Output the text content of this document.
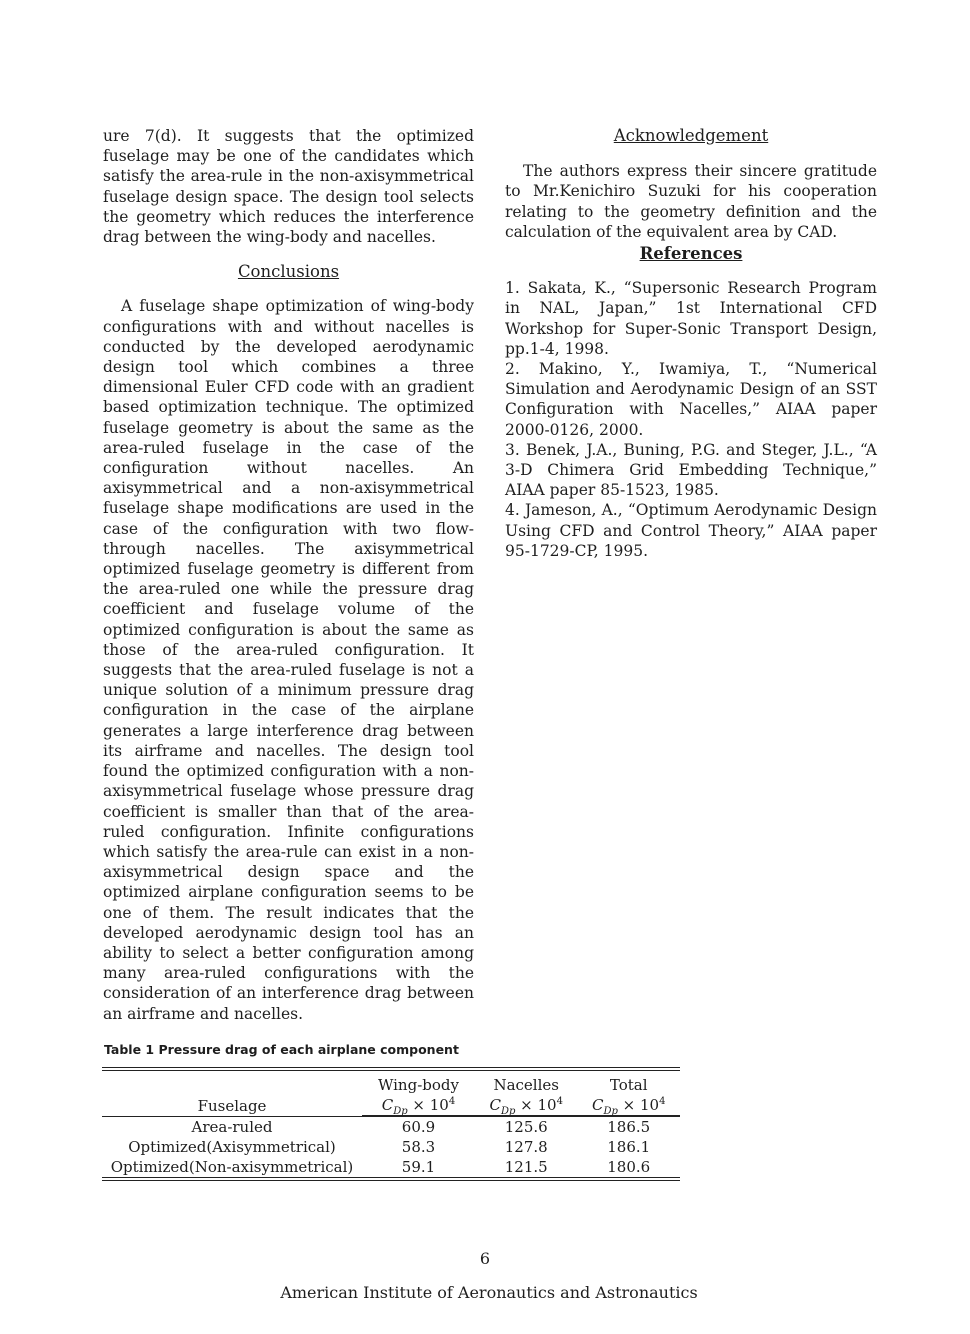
ure 7(d). It suggests that the optimized fuselage may be one of the candidates which satisfy the area-rule in the non-axisymmetrical fuselage design space. The design tool selects the geometry which reduces the interference drag between the wing-body and nacelles.

Conclusions

A fuselage shape optimization of wing-body configurations with and without nacelles is conducted by the developed aerodynamic design tool which combines a three dimensional Euler CFD code with an gradient based optimization technique. The optimized fuselage geometry is about the same as the area-ruled fuselage in the case of the configuration without nacelles. An axisymmetrical and a non-axisymmetrical fuselage shape modifications are used in the case of the configuration with two flow-through nacelles. The axisymmetrical optimized fuselage geometry is different from the area-ruled one while the pressure drag coefficient and fuselage volume of the optimized configuration is about the same as those of the area-ruled configuration. It suggests that the area-ruled fuselage is not a unique solution of a minimum pressure drag configuration in the case of the airplane generates a large interference drag between its airframe and nacelles. The design tool found the optimized configuration with a non-axisymmetrical fuselage whose pressure drag coefficient is smaller than that of the area-ruled configuration. Infinite configurations which satisfy the area-rule can exist in a non-axisymmetrical design space and the optimized airplane configuration seems to be one of them. The result indicates that the developed aerodynamic design tool has an ability to select a better configuration among many area-ruled configurations with the consideration of an interference drag between an airframe and nacelles.

Acknowledgement

The authors express their sincere gratitude to Mr.Kenichiro Suzuki for his cooperation relating to the geometry definition and the calculation of the equivalent area by CAD.

References

1. Sakata, K., “Supersonic Research Program in NAL, Japan,” 1st International CFD Workshop for Super-Sonic Transport Design, pp.1-4, 1998.

2. Makino, Y., Iwamiya, T., “Numerical Simulation and Aerodynamic Design of an SST Configuration with Nacelles,” AIAA paper 2000-0126, 2000.

3. Benek, J.A., Buning, P.G. and Steger, J.L., “A 3-D Chimera Grid Embedding Technique,” AIAA paper 85-1523, 1985.

4. Jameson, A., “Optimum Aerodynamic Design Using CFD and Control Theory,” AIAA paper 95-1729-CP, 1995.

Table 1 Pressure drag of each airplane component
Fuselage	Wing-body	Nacelles	Total
	$C_{Dp} \times 10^4$	$C_{Dp} \times 10^4$	$C_{Dp} \times 10^4$

Area-ruled	60.9	125.6	186.5
Optimized(Axisymmetrical)	58.3	127.8	186.1
Optimized(Non-axisymmetrical)	59.1	121.5	180.6
6
American Institute of Aeronautics and Astronautics
